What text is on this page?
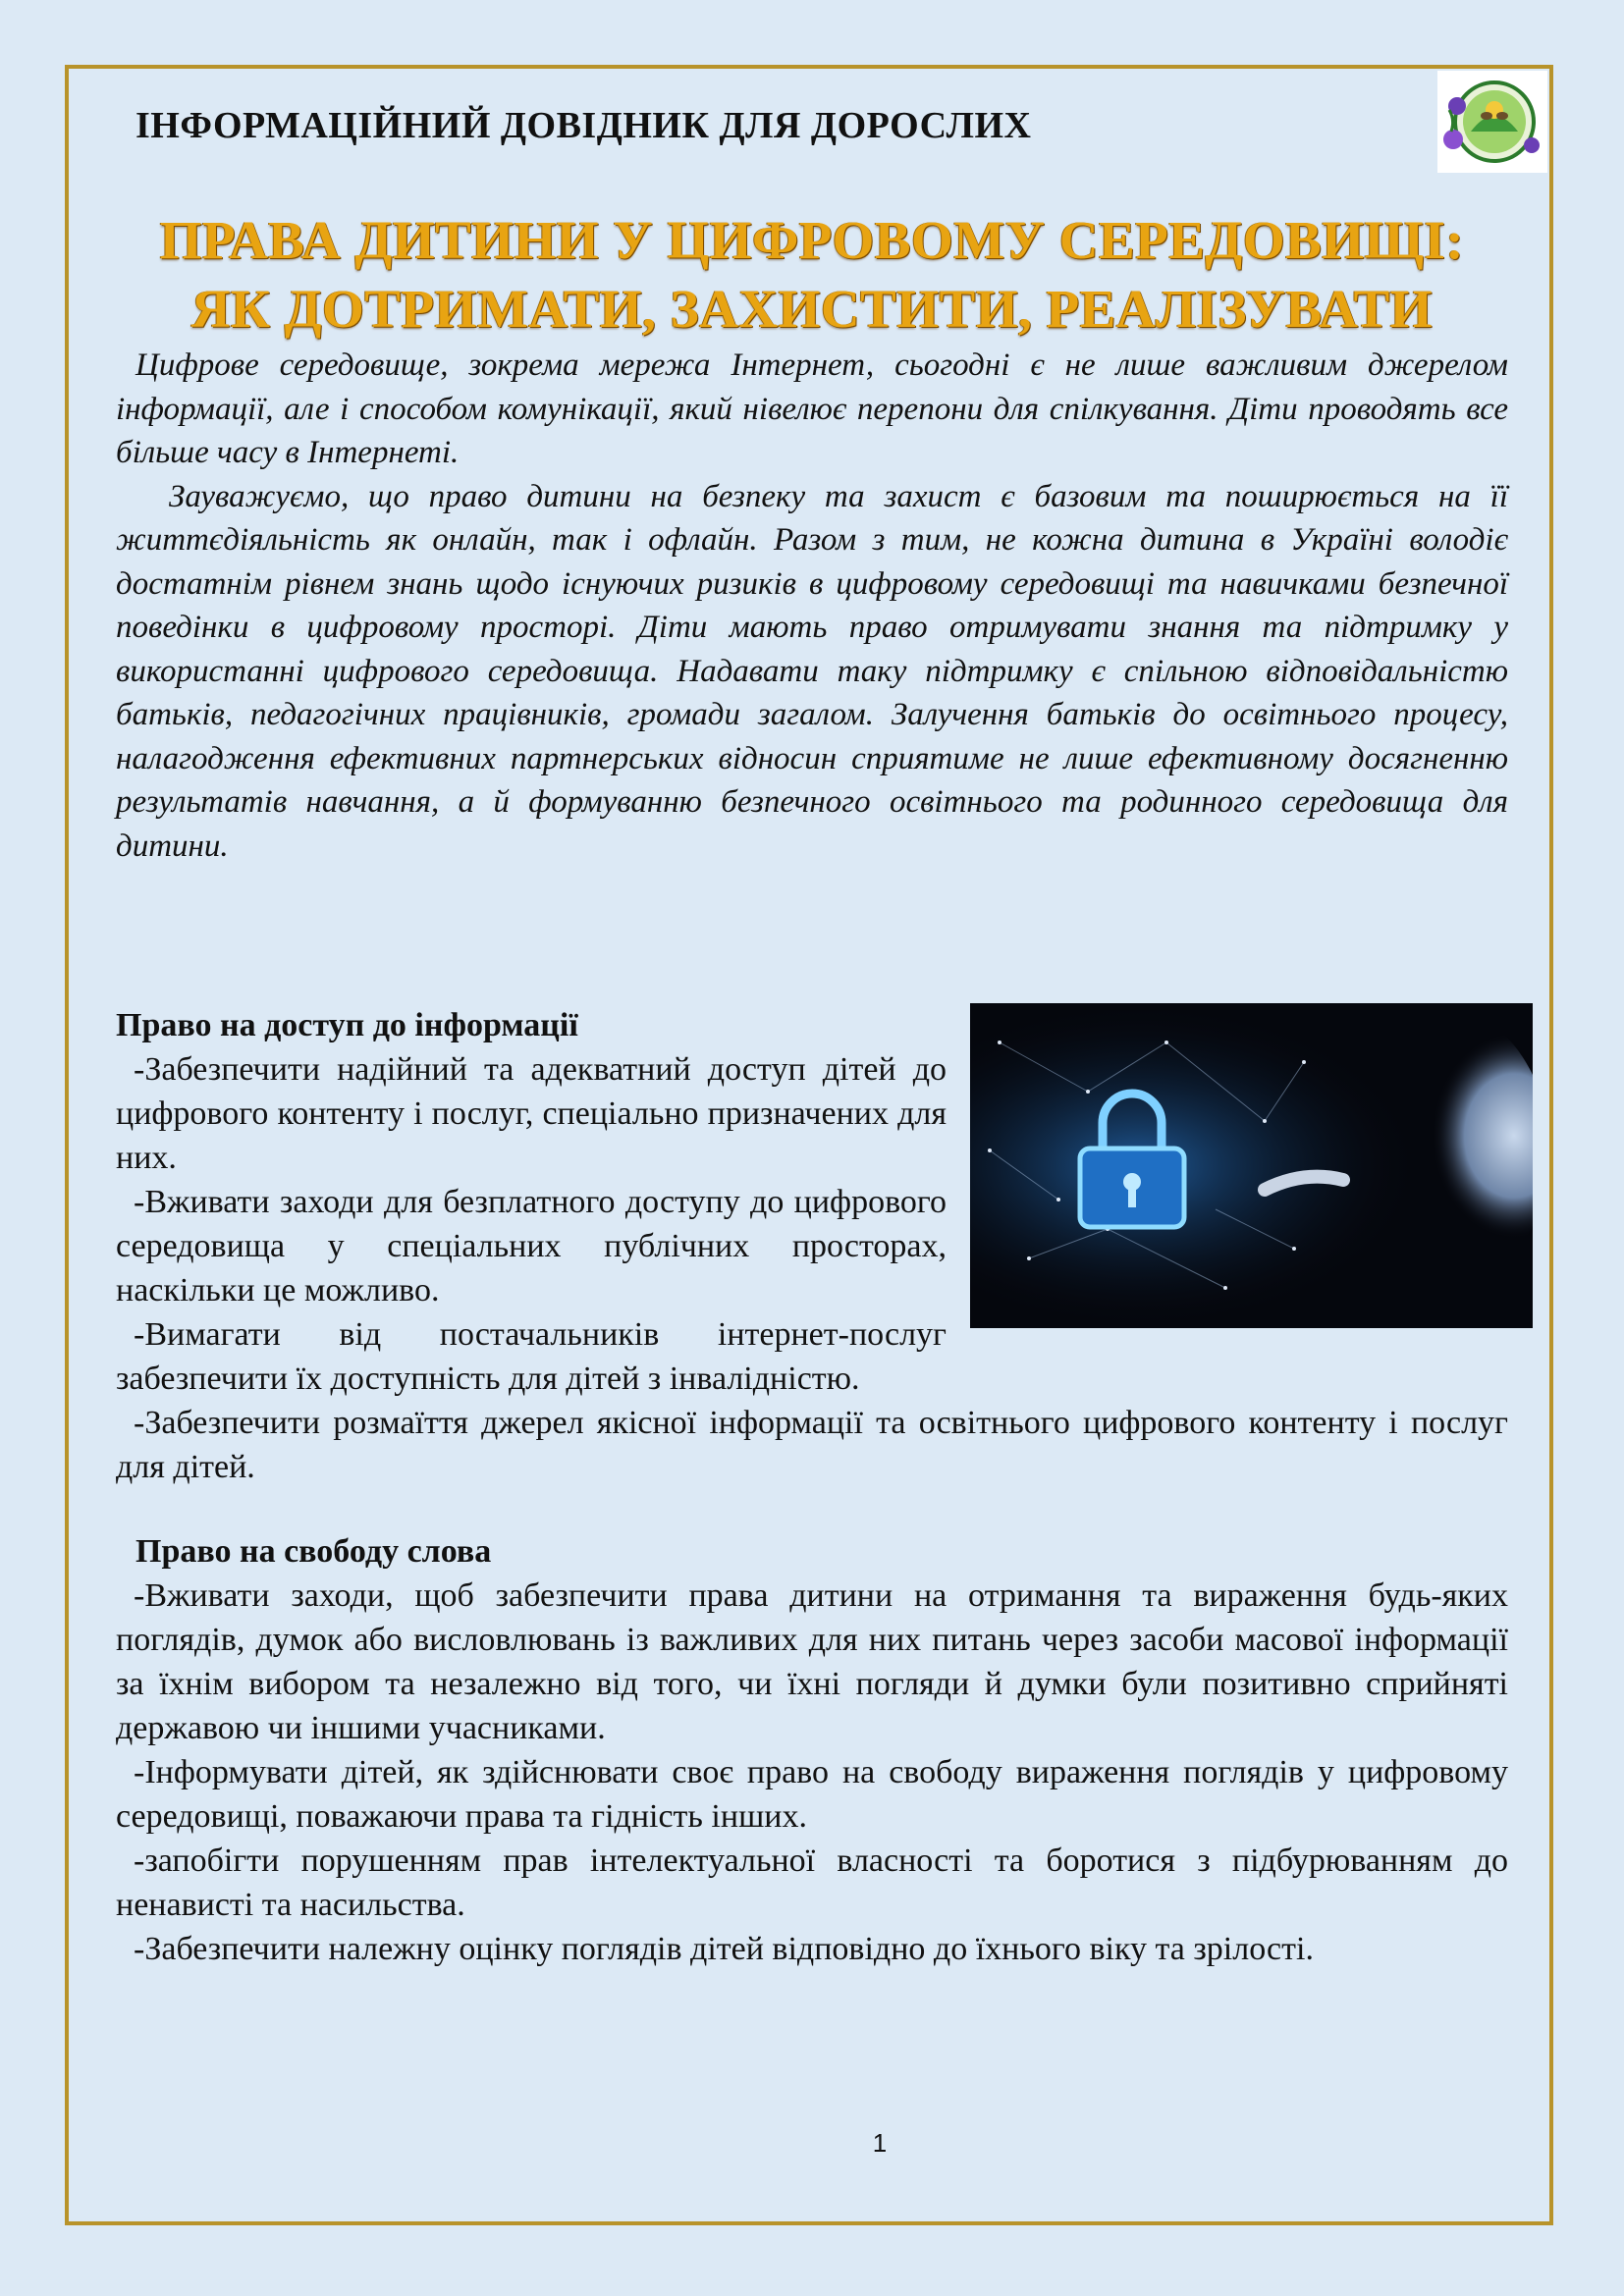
ІНФОРМАЦІЙНИЙ ДОВІДНИК ДЛЯ ДОРОСЛИХ
ПРАВА ДИТИНИ У ЦИФРОВОМУ СЕРЕДОВИЩІ:
ЯК ДОТРИМАТИ, ЗАХИСТИТИ, РЕАЛІЗУВАТИ

Цифрове середовище, зокрема мережа Інтернет, сьогодні є не лише важливим джерелом інформації, але і способом комунікації, який нівелює перепони для спілкування. Діти проводять все більше часу в Інтернеті.

Зауважуємо, що право дитини на безпеку та захист є базовим та поширюється на її життєдіяльність як онлайн, так і офлайн. Разом з тим, не кожна дитина в Україні володіє достатнім рівнем знань щодо існуючих ризиків в цифровому середовищі та навичками безпечної поведінки в цифровому просторі. Діти мають право отримувати знання та підтримку у використанні цифрового середовища. Надавати таку підтримку є спільною відповідальністю батьків, педагогічних працівників, громади загалом. Залучення батьків до освітнього процесу, налагодження ефективних партнерських відносин сприятиме не лише ефективному досягненню результатів навчання, а й формуванню безпечного освітнього та родинного середовища для дитини.

Право на доступ до інформації

-Забезпечити надійний та адекватний доступ дітей до цифрового контенту і послуг, спеціально призначених для них.

-Вживати заходи для безплатного доступу до цифрового середовища у спеціальних публічних просторах, наскільки це можливо.

-Вимагати від постачальників інтернет-послуг забезпечити їх доступність для дітей з інвалідністю.

-Забезпечити розмаїття джерел якісної інформації та освітнього цифрового контенту і послуг для дітей.

Право на свободу слова

-Вживати заходи, щоб забезпечити права дитини на отримання та вираження будь-яких поглядів, думок або висловлювань із важливих для них питань через засоби масової інформації за їхнім вибором та незалежно від того, чи їхні погляди й думки були позитивно сприйняті державою чи іншими учасниками.

-Інформувати дітей, як здійснювати своє право на свободу вираження поглядів у цифровому середовищі, поважаючи права та гідність інших.

-запобігти порушенням прав інтелектуальної власності та боротися з підбурюванням до ненависті та насильства.

-Забезпечити належну оцінку поглядів дітей відповідно до їхнього віку та зрілості.

1
